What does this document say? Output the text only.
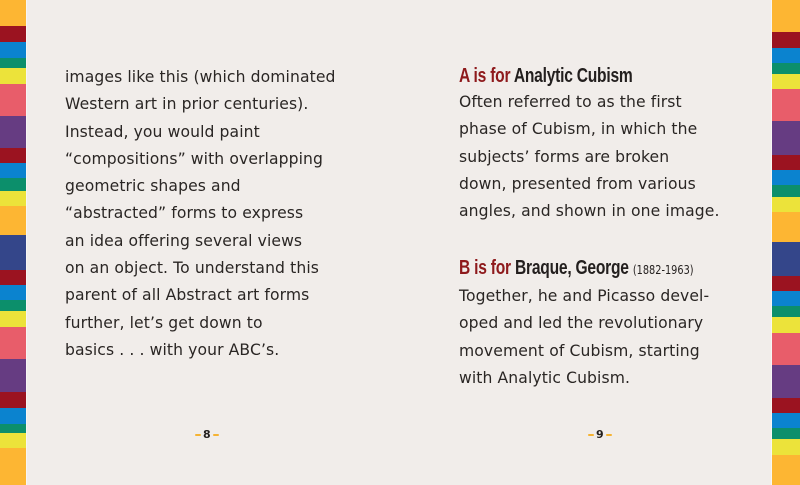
images like this (which dominated
Western art in prior centuries).
Instead, you would paint
“compositions” with overlapping
geometric shapes and
“abstracted” forms to express
an idea offering several views
on an object. To understand this
parent of all Abstract art forms
further, let’s get down to
basics . . . with your ABC’s.
A is for Analytic Cubism
Often referred to as the first
phase of Cubism, in which the
subjects’ forms are broken
down, presented from various
angles, and shown in one image.
B is for Braque, George (1882-1963)
Together, he and Picasso devel-
oped and led the revolutionary
movement of Cubism, starting
with Analytic Cubism.
8	9
